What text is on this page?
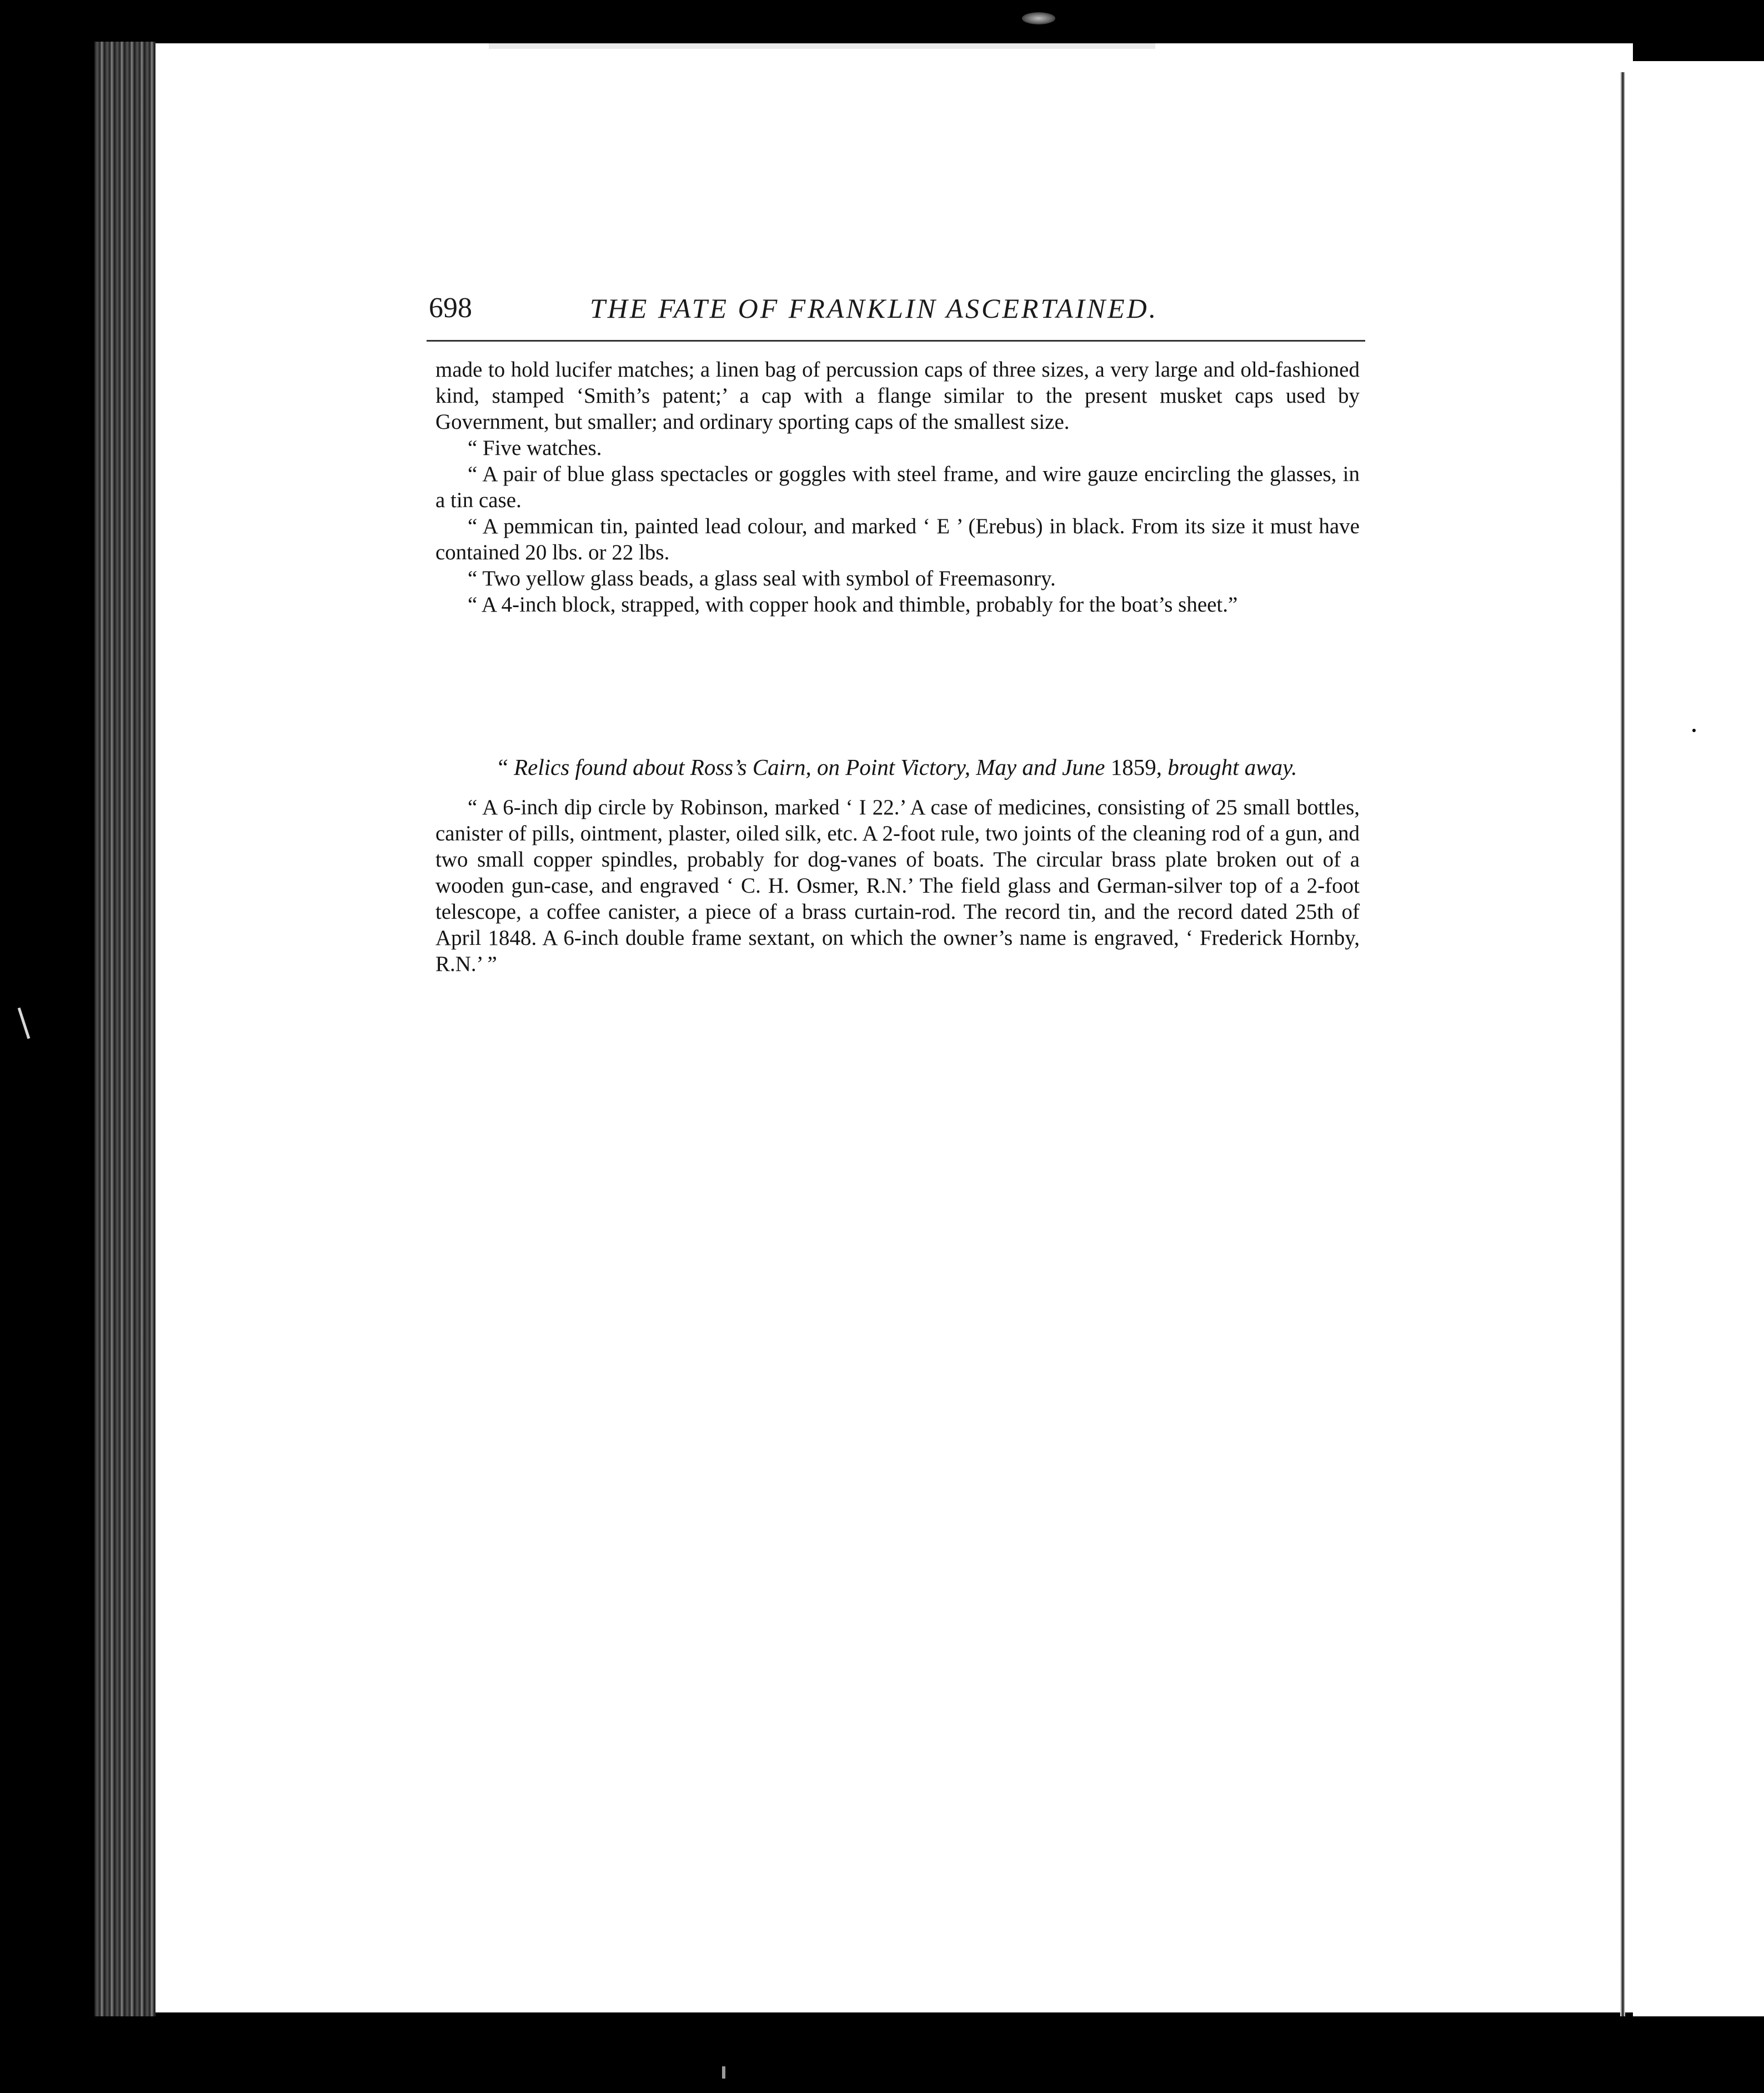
698	THE FATE OF FRANKLIN ASCERTAINED.

made to hold lucifer matches; a linen bag of percussion caps of three sizes, a very large and old-fashioned kind, stamped ‘Smith’s patent;’ a cap with a flange similar to the present musket caps used by Government, but smaller; and ordinary sporting caps of the smallest size.

“ Five watches.

“ A pair of blue glass spectacles or goggles with steel frame, and wire gauze encircling the glasses, in a tin case.

“ A pemmican tin, painted lead colour, and marked ‘ E ’ (Erebus) in black. From its size it must have contained 20 lbs. or 22 lbs.

“ Two yellow glass beads, a glass seal with symbol of Freemasonry.

“ A 4-inch block, strapped, with copper hook and thimble, probably for the boat’s sheet.”

“ Relics found about Ross’s Cairn, on Point Victory, May and June 1859, brought away.

“ A 6-inch dip circle by Robinson, marked ‘ I 22.’ A case of medicines, consisting of 25 small bottles, canister of pills, ointment, plaster, oiled silk, etc. A 2-foot rule, two joints of the cleaning rod of a gun, and two small copper spindles, probably for dog-vanes of boats. The circular brass plate broken out of a wooden gun-case, and engraved ‘ C. H. Osmer, R.N.’ The field glass and German-silver top of a 2-foot telescope, a coffee canister, a piece of a brass curtain-rod. The record tin, and the record dated 25th of April 1848. A 6-inch double frame sextant, on which the owner’s name is engraved, ‘ Frederick Hornby, R.N.’ ”
